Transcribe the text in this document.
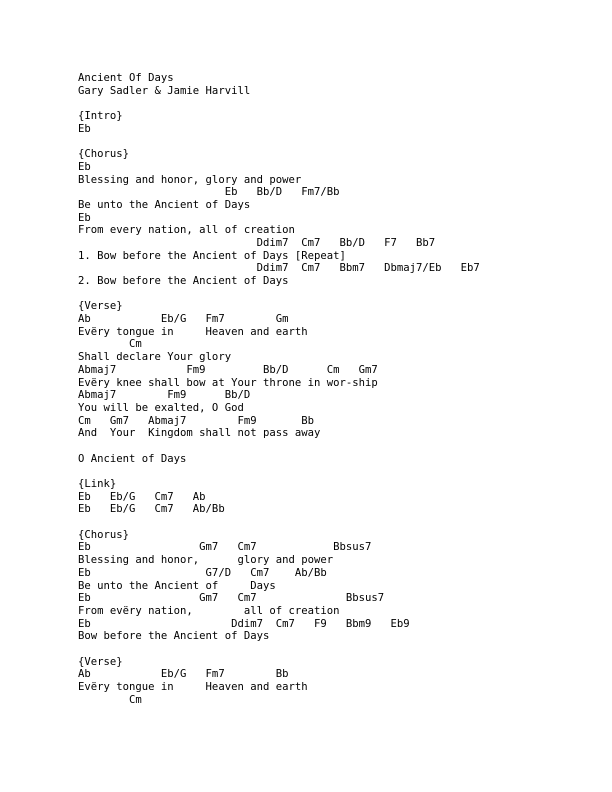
Ancient Of Days
Gary Sadler & Jamie Harvill
{Intro}
Eb
{Chorus}
Eb
Blessing and honor, glory and power
Eb   Bb/D   Fm7/Bb
Be unto the Ancient of Days
Eb
From every nation, all of creation
Ddim7  Cm7   Bb/D   F7   Bb7
1. Bow before the Ancient of Days [Repeat]
Ddim7  Cm7   Bbm7   Dbmaj7/Eb   Eb7
2. Bow before the Ancient of Days
{Verse}
Ab           Eb/G   Fm7        Gm
Evëry tongue in     Heaven and earth
Cm
Shall declare Your glory
Abmaj7           Fm9         Bb/D      Cm   Gm7
Evëry knee shall bow at Your throne in wor-ship
Abmaj7        Fm9      Bb/D
You will be exalted, O God
Cm   Gm7   Abmaj7        Fm9       Bb
And  Your  Kingdom shall not pass away
O Ancient of Days
{Link}
Eb   Eb/G   Cm7   Ab
Eb   Eb/G   Cm7   Ab/Bb
{Chorus}
Eb                 Gm7   Cm7            Bbsus7
Blessing and honor,      glory and power
Eb                  G7/D   Cm7    Ab/Bb
Be unto the Ancient of     Days
Eb                 Gm7   Cm7              Bbsus7
From evëry nation,        all of creation
Eb                      Ddim7  Cm7   F9   Bbm9   Eb9
Bow before the Ancient of Days
{Verse}
Ab           Eb/G   Fm7        Bb
Evëry tongue in     Heaven and earth
Cm
